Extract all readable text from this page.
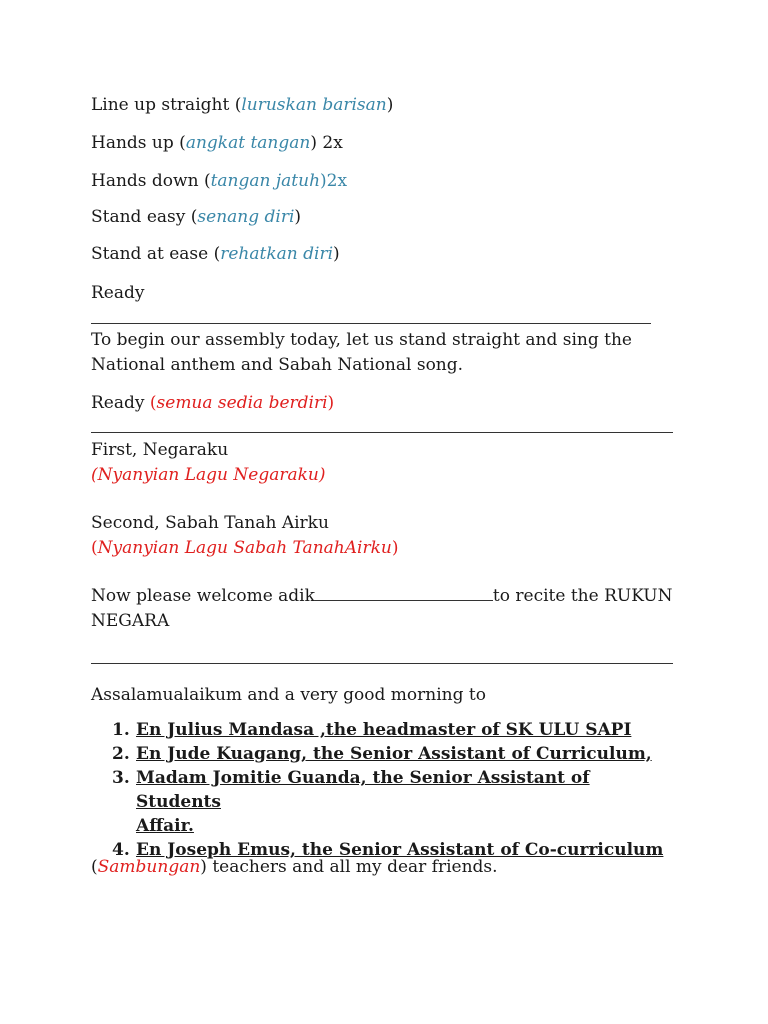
Line up straight (luruskan barisan)
Hands up (angkat tangan) 2x
Hands down (tangan jatuh)2x
Stand easy (senang diri)
Stand at ease (rehatkan diri)
Ready
To begin our assembly today, let us stand straight and sing the
National anthem and Sabah National song.
Ready (semua sedia berdiri)
First, Negaraku
(Nyanyian Lagu Negaraku)
Second, Sabah Tanah Airku
(Nyanyian Lagu Sabah TanahAirku)
Now please welcome adik	to recite the RUKUN
NEGARA
Assalamualaikum and a very good morning to
1. En Julius Mandasa ,the headmaster of SK ULU SAPI
2. En Jude Kuagang, the Senior Assistant of Curriculum,
3. Madam Jomitie Guanda, the Senior Assistant of Students
Affair.
4. En Joseph Emus, the Senior Assistant of Co-curriculum
(Sambungan) teachers and all my dear friends.
